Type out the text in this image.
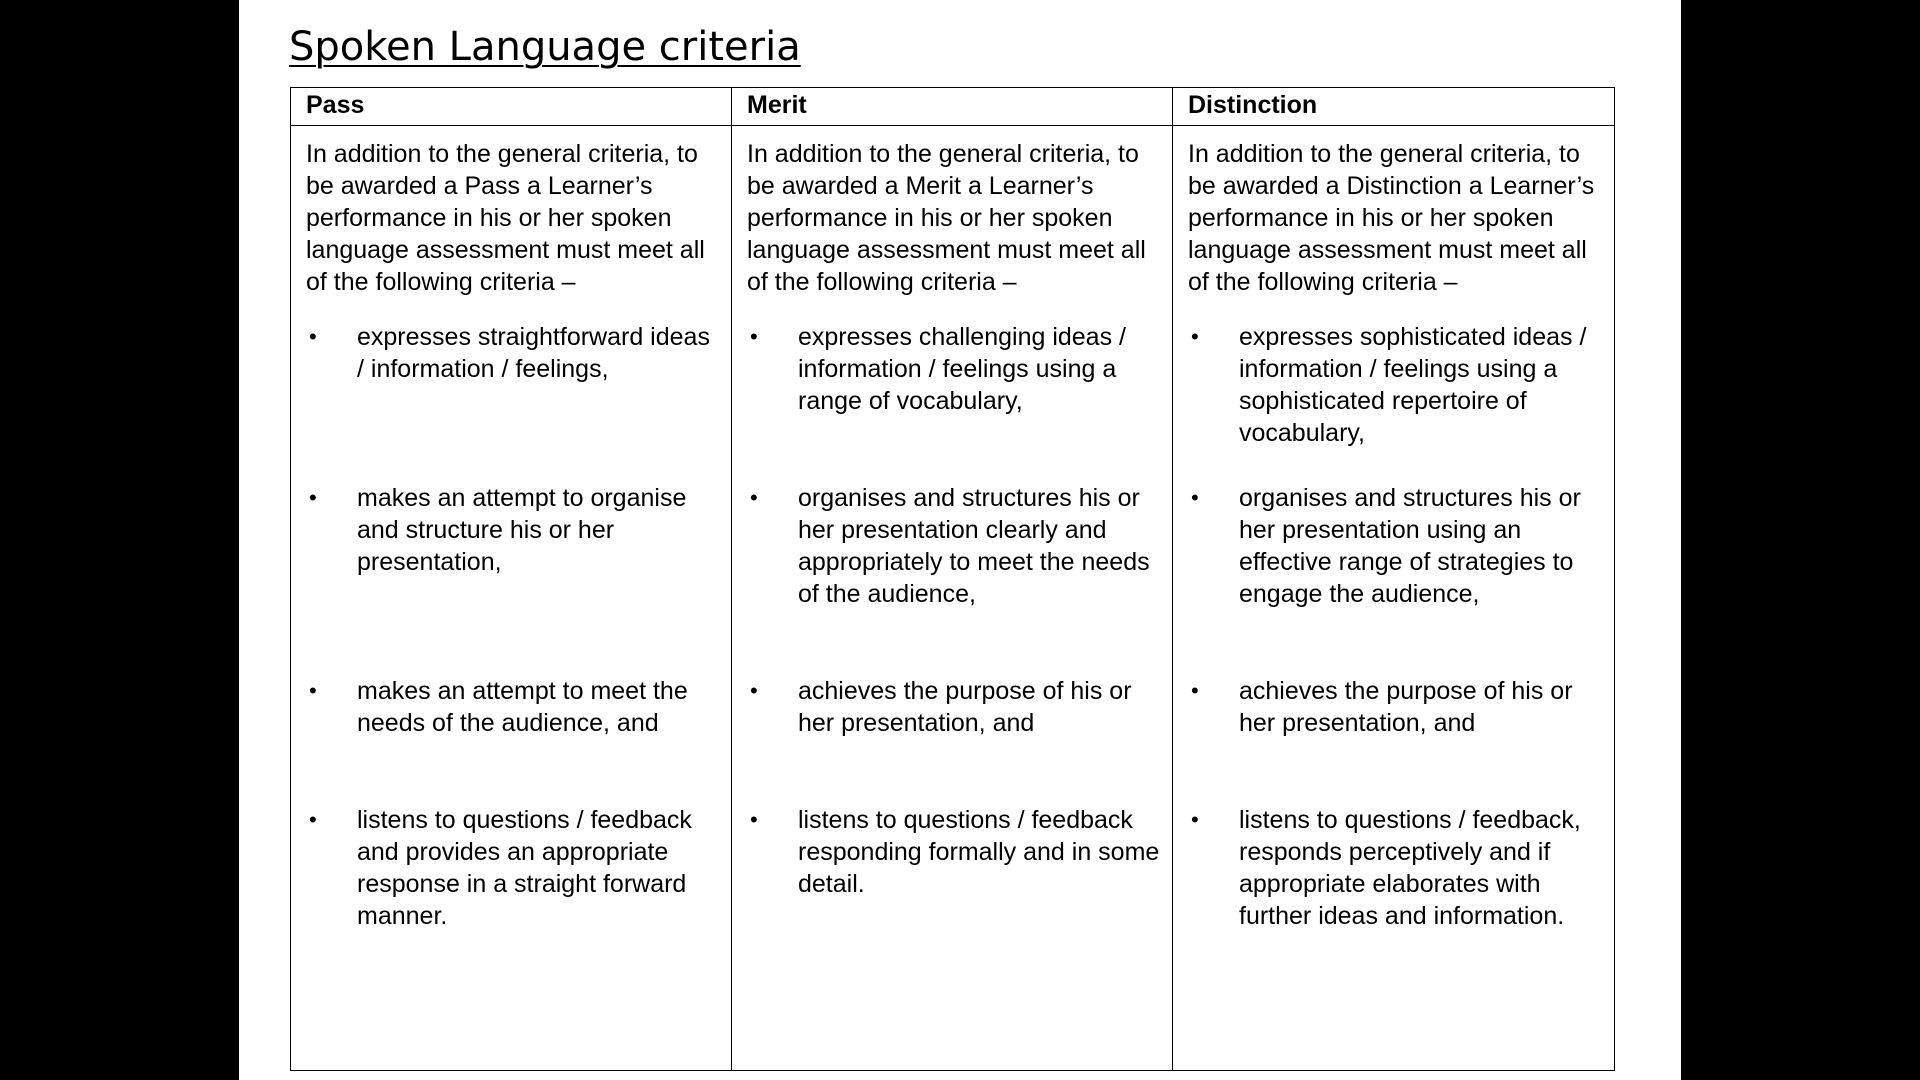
Spoken Language criteria
Pass	Merit	Distinction

In addition to the general criteria, to be awarded a Pass a Learner’s performance in his or her spoken language assessment must meet all of the following criteria –

• expresses straightforward ideas / information / feelings,
• makes an attempt to organise and structure his or her presentation,
• makes an attempt to meet the needs of the audience, and
• listens to questions / feedback and provides an appropriate response in a straight forward manner.

In addition to the general criteria, to be awarded a Merit a Learner’s performance in his or her spoken language assessment must meet all of the following criteria –

• expresses challenging ideas / information / feelings using a range of vocabulary,
• organises and structures his or her presentation clearly and appropriately to meet the needs of the audience,
• achieves the purpose of his or her presentation, and
• listens to questions / feedback responding formally and in some detail.

In addition to the general criteria, to be awarded a Distinction a Learner’s performance in his or her spoken language assessment must meet all of the following criteria –

• expresses sophisticated ideas / information / feelings using a sophisticated repertoire of vocabulary,
• organises and structures his or her presentation using an effective range of strategies to engage the audience,
• achieves the purpose of his or her presentation, and
• listens to questions / feedback, responds perceptively and if appropriate elaborates with further ideas and information.
